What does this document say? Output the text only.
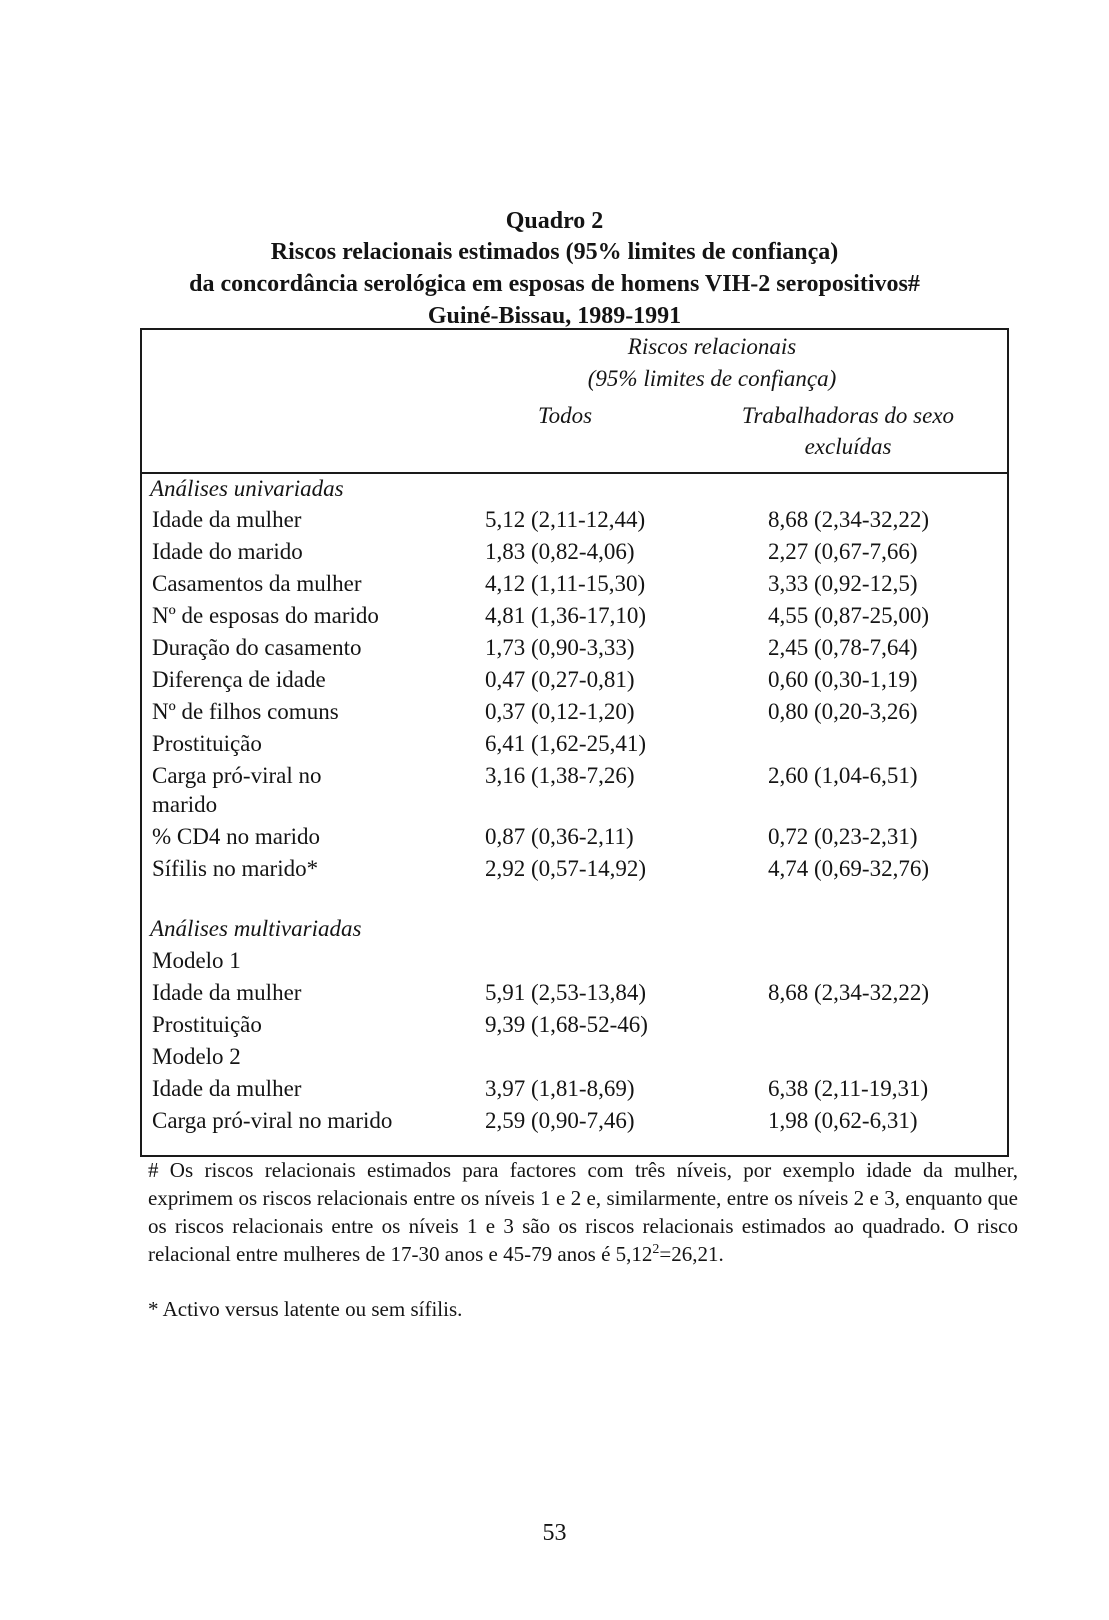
Quadro 2
Riscos relacionais estimados (95% limites de confiança)
da concordância serológica em esposas de homens VIH-2 seropositivos#
Guiné-Bissau, 1989-1991
Riscos relacionais
(95% limites de confiança)
Todos	Trabalhadoras do sexo
excluídas
Análises univariadas
Idade da mulher	5,12 (2,11-12,44)	8,68 (2,34-32,22)
Idade do marido	1,83 (0,82-4,06)	2,27 (0,67-7,66)
Casamentos da mulher	4,12 (1,11-15,30)	3,33 (0,92-12,5)
Nº de esposas do marido	4,81 (1,36-17,10)	4,55 (0,87-25,00)
Duração do casamento	1,73 (0,90-3,33)	2,45 (0,78-7,64)
Diferença de idade	0,47 (0,27-0,81)	0,60 (0,30-1,19)
Nº de filhos comuns	0,37 (0,12-1,20)	0,80 (0,20-3,26)
Prostituição	6,41 (1,62-25,41)
Carga pró-viral no
marido
3,16 (1,38-7,26)	2,60 (1,04-6,51)
% CD4 no marido	0,87 (0,36-2,11)	0,72 (0,23-2,31)
Sífilis no marido*	2,92 (0,57-14,92)	4,74 (0,69-32,76)
Análises multivariadas
Modelo 1
Idade da mulher	5,91 (2,53-13,84)	8,68 (2,34-32,22)
Prostituição	9,39 (1,68-52-46)
Modelo 2
Idade da mulher	3,97 (1,81-8,69)	6,38 (2,11-19,31)
Carga pró-viral no marido	2,59 (0,90-7,46)	1,98 (0,62-6,31)
# Os riscos relacionais estimados para factores com três níveis, por exemplo idade da mulher, exprimem os riscos relacionais entre os níveis 1 e 2 e, similarmente, entre os níveis 2 e 3, enquanto que os riscos relacionais entre os níveis 1 e 3 são os riscos relacionais estimados ao quadrado. O risco relacional entre mulheres de 17-30 anos e 45-79 anos é $5,12^2=26,21$.
* Activo versus latente ou sem sífilis.
53
